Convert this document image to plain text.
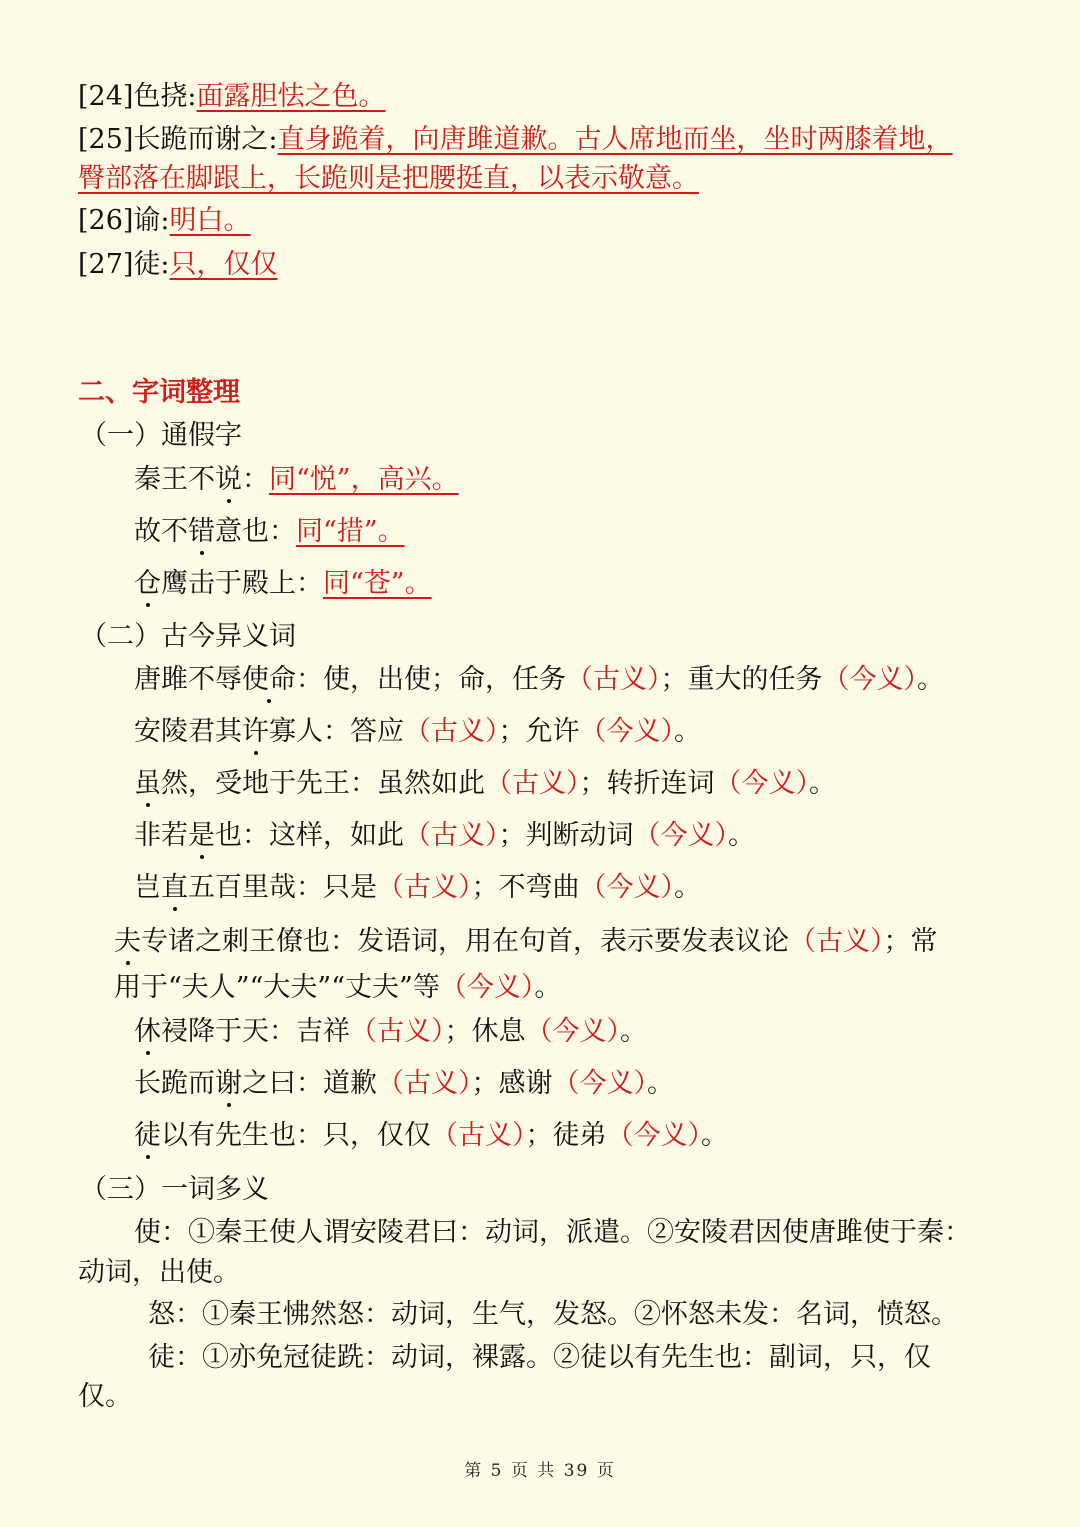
[24]色挠:面露胆怯之色。
[25]长跪而谢之:直身跪着，向唐雎道歉。古人席地而坐，坐时两膝着地，
臀部落在脚跟上，长跪则是把腰挺直，以表示敬意。
[26]谕:明白。
[27]徒:只，仅仅
二、字词整理
（一）通假字
秦王不说：同“悦”，高兴。
故不错意也：同“措”。
仓鹰击于殿上：同“苍”。
（二）古今异义词
唐雎不辱使命：使，出使；命，任务（古义）；重大的任务（今义）。
安陵君其许寡人：答应（古义）；允许（今义）。
虽然，受地于先王：虽然如此（古义）；转折连词（今义）。
非若是也：这样，如此（古义）；判断动词（今义）。
岂直五百里哉：只是（古义）；不弯曲（今义）。
夫专诸之刺王僚也：发语词，用在句首，表示要发表议论（古义）；常
用于“夫人”“大夫”“丈夫”等（今义）。
休祲降于天：吉祥（古义）；休息（今义）。
长跪而谢之曰：道歉（古义）；感谢（今义）。
徒以有先生也：只，仅仅（古义）；徒弟（今义）。
（三）一词多义
使：①秦王使人谓安陵君曰：动词，派遣。②安陵君因使唐雎使于秦：
动词，出使。
怒：①秦王怫然怒：动词，生气，发怒。②怀怒未发：名词，愤怒。
徒：①亦免冠徒跣：动词，裸露。②徒以有先生也：副词，只，仅
仅。
第 5 页 共 39 页
